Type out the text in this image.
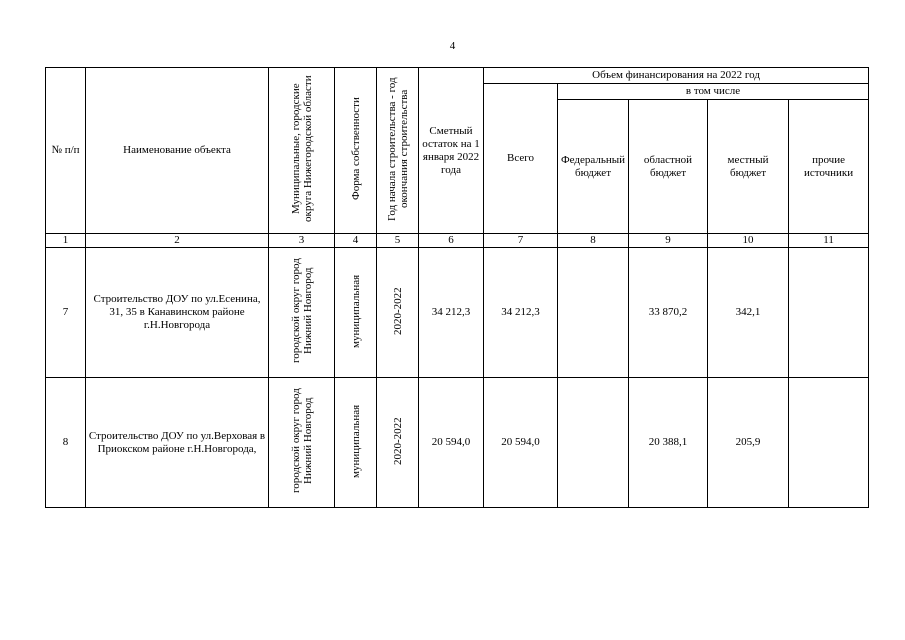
4
№ п/п	Наименование объекта	Муниципальные, городские округа Нижегородской области	Форма собственности	Год начала строительства - год окончания строительства	Сметный остаток на 1 января 2022 года	Объем финансирования на 2022 год				
						Всего	в том числе			
							Федеральный бюджет	областной бюджет	местный бюджет	прочие источники
1	2	3	4	5	6	7	8	9	10	11
7	Строительство ДОУ по ул.Есенина, 31, 35 в Канавинском районе г.Н.Новгорода	городской округ город Нижний Новгород	муниципальная	2020-2022	34 212,3	34 212,3		33 870,2	342,1	
8	Строительство ДОУ по ул.Верховая в Приокском районе г.Н.Новгорода,	городской округ город Нижний Новгород	муниципальная	2020-2022	20 594,0	20 594,0		20 388,1	205,9	
